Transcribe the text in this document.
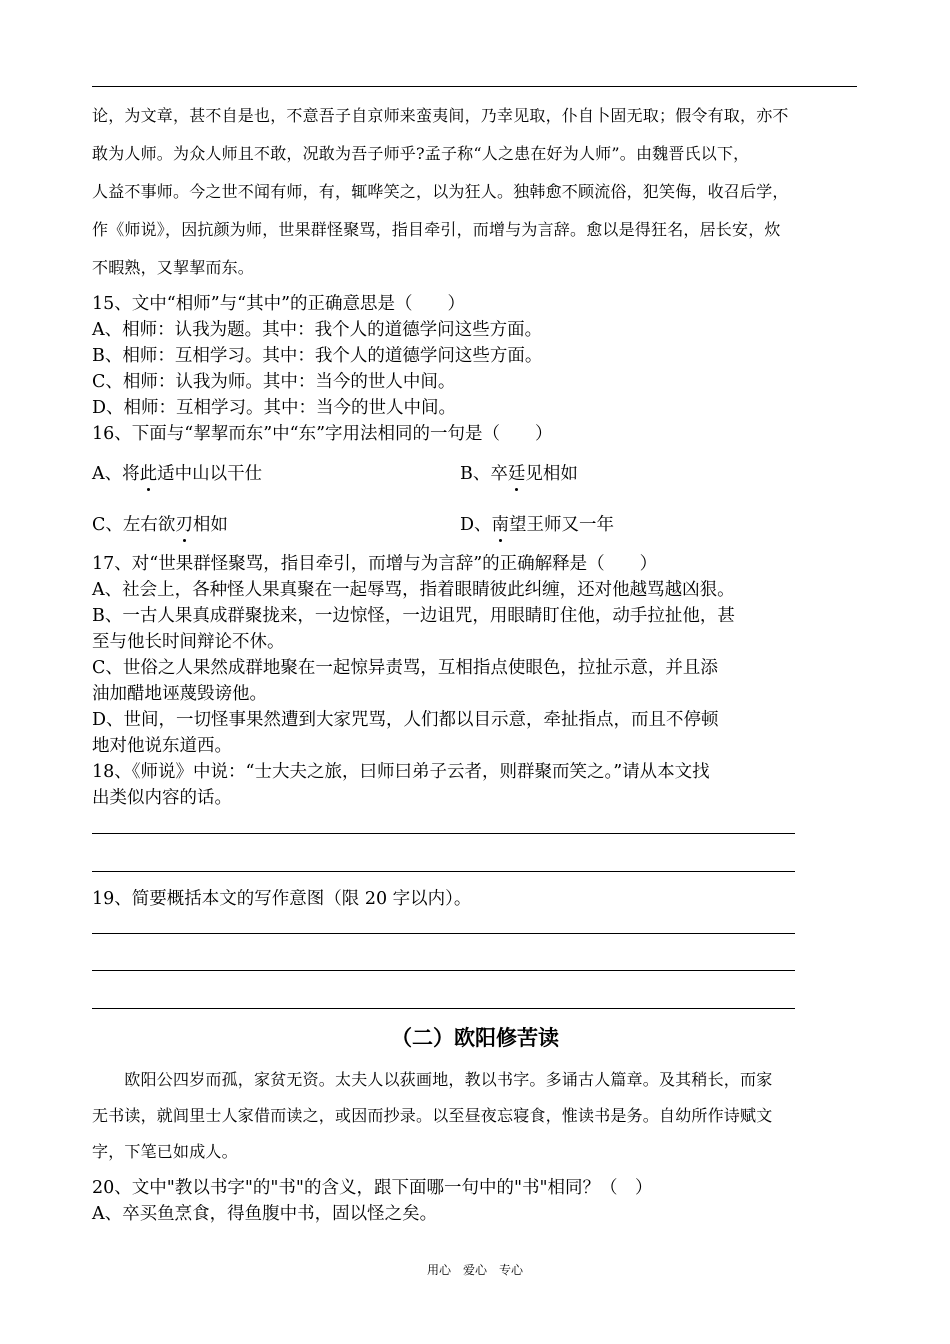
论，为文章，甚不自是也，不意吾子自京师来蛮夷间，乃幸见取，仆自卜固无取；假令有取，亦不
敢为人师。为众人师且不敢，况敢为吾子师乎?孟子称“人之患在好为人师”。由魏晋氏以下，
人益不事师。今之世不闻有师，有，辄哗笑之，以为狂人。独韩愈不顾流俗，犯笑侮，收召后学，
作《师说》，因抗颜为师，世果群怪聚骂，指目牵引，而增与为言辞。愈以是得狂名，居长安，炊
不暇熟，又挈挈而东。
15、文中“相师”与“其中”的正确意思是（　　）
A、相师：认我为题。其中：我个人的道德学问这些方面。
B、相师：互相学习。其中：我个人的道德学问这些方面。
C、相师：认我为师。其中：当今的世人中间。
D、相师：互相学习。其中：当今的世人中间。
16、下面与“挈挈而东”中“东”字用法相同的一句是（　　）
A、将此适中山以干仕	B、卒廷见相如
C、左右欲刃相如	D、南望王师又一年
17、对“世果群怪聚骂，指目牵引，而增与为言辞”的正确解释是（　　）
A、社会上，各种怪人果真聚在一起辱骂，指着眼睛彼此纠缠，还对他越骂越凶狠。
B、一古人果真成群聚拢来，一边惊怪，一边诅咒，用眼睛盯住他，动手拉扯他，甚
至与他长时间辩论不休。
C、世俗之人果然成群地聚在一起惊异责骂，互相指点使眼色，拉扯示意，并且添
油加醋地诬蔑毁谤他。
D、世间，一切怪事果然遭到大家咒骂，人们都以目示意，牵扯指点，而且不停顿
地对他说东道西。
18、《师说》中说：“士大夫之旅，曰师曰弟子云者，则群聚而笑之。”请从本文找
出类似内容的话。
19、简要概括本文的写作意图（限 20 字以内）。
（二）欧阳修苦读
　　欧阳公四岁而孤，家贫无资。太夫人以荻画地，教以书字。多诵古人篇章。及其稍长，而家
无书读，就闾里士人家借而读之，或因而抄录。以至昼夜忘寝食，惟读书是务。自幼所作诗赋文
字，下笔已如成人。
20、文中"教以书字"的"书"的含义，跟下面哪一句中的"书"相同？（　）
A、卒买鱼烹食，得鱼腹中书，固以怪之矣。
用心　爱心　专心
